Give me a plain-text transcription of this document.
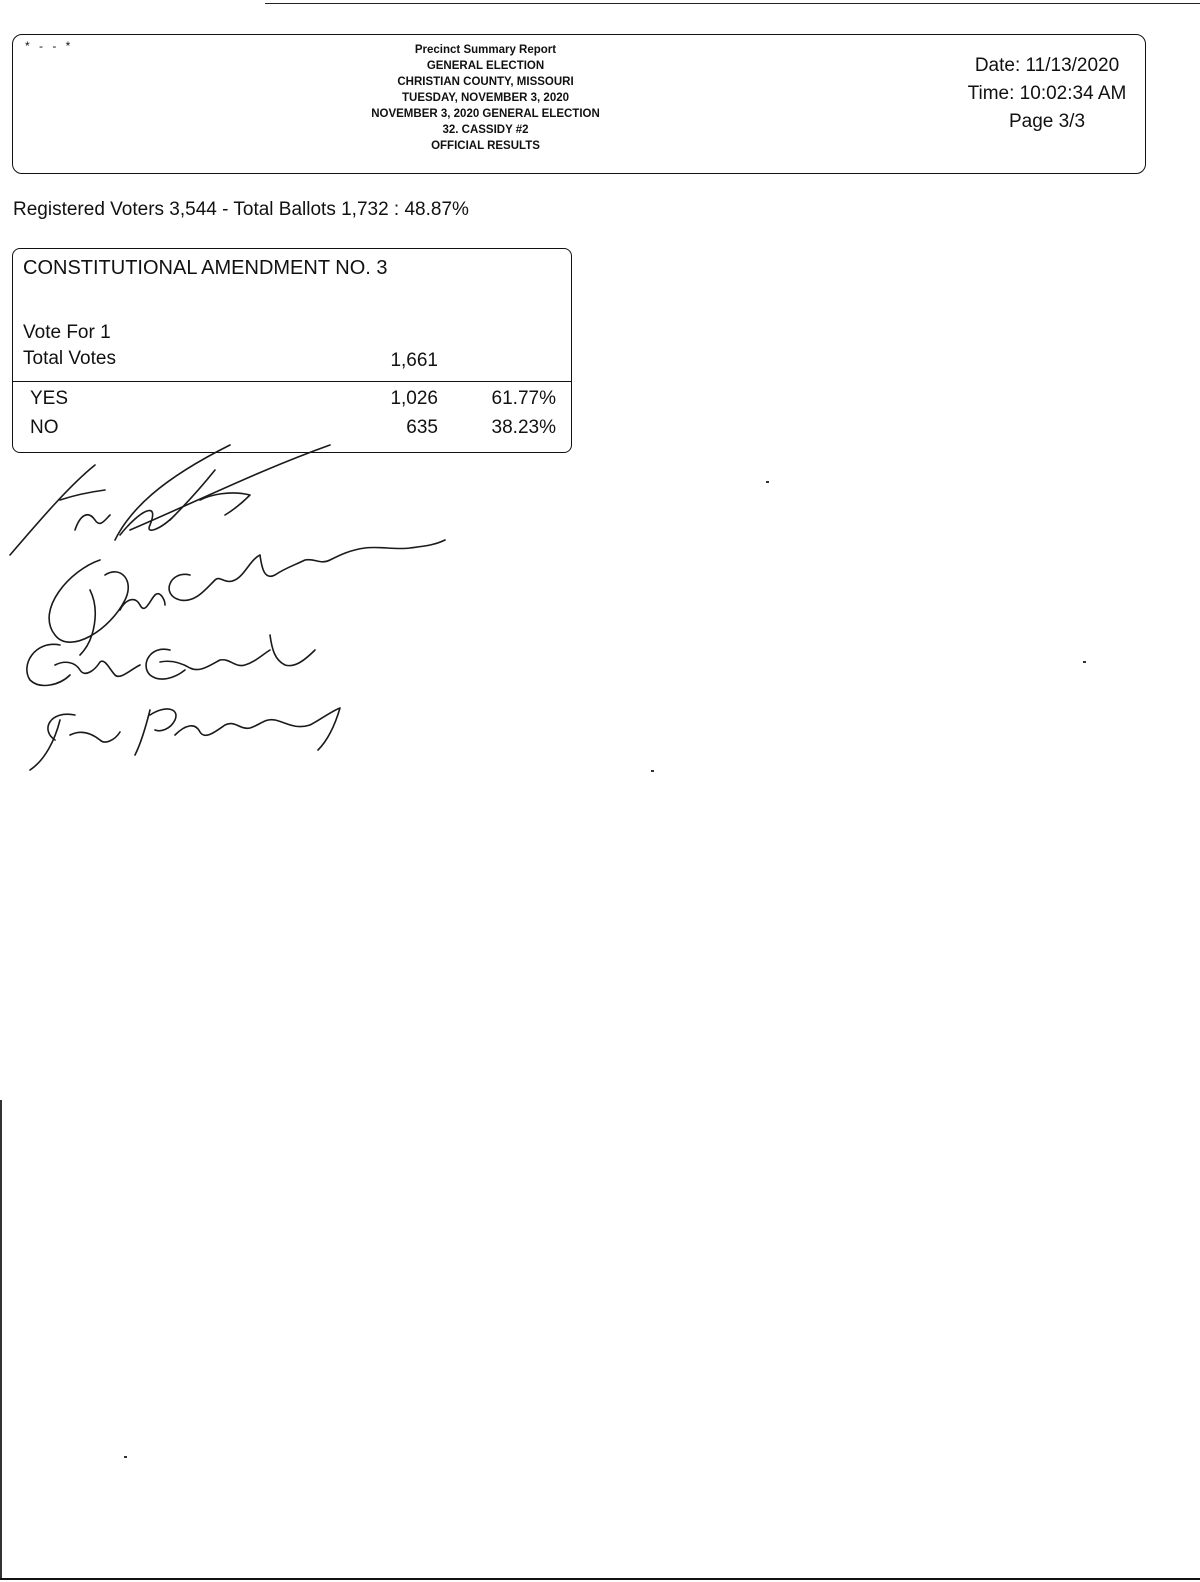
* - - *	Precinct Summary Report
GENERAL ELECTION
CHRISTIAN COUNTY, MISSOURI
TUESDAY, NOVEMBER 3, 2020
NOVEMBER 3, 2020 GENERAL ELECTION
32. CASSIDY #2
OFFICIAL RESULTS
Date: 11/13/2020
Time: 10:02:34 AM
Page 3/3
Registered Voters 3,544 - Total Ballots 1,732 : 48.87%
CONSTITUTIONAL AMENDMENT NO. 3
Vote For 1
Total Votes	1,661
YES	1,026	61.77%
NO	635	38.23%
